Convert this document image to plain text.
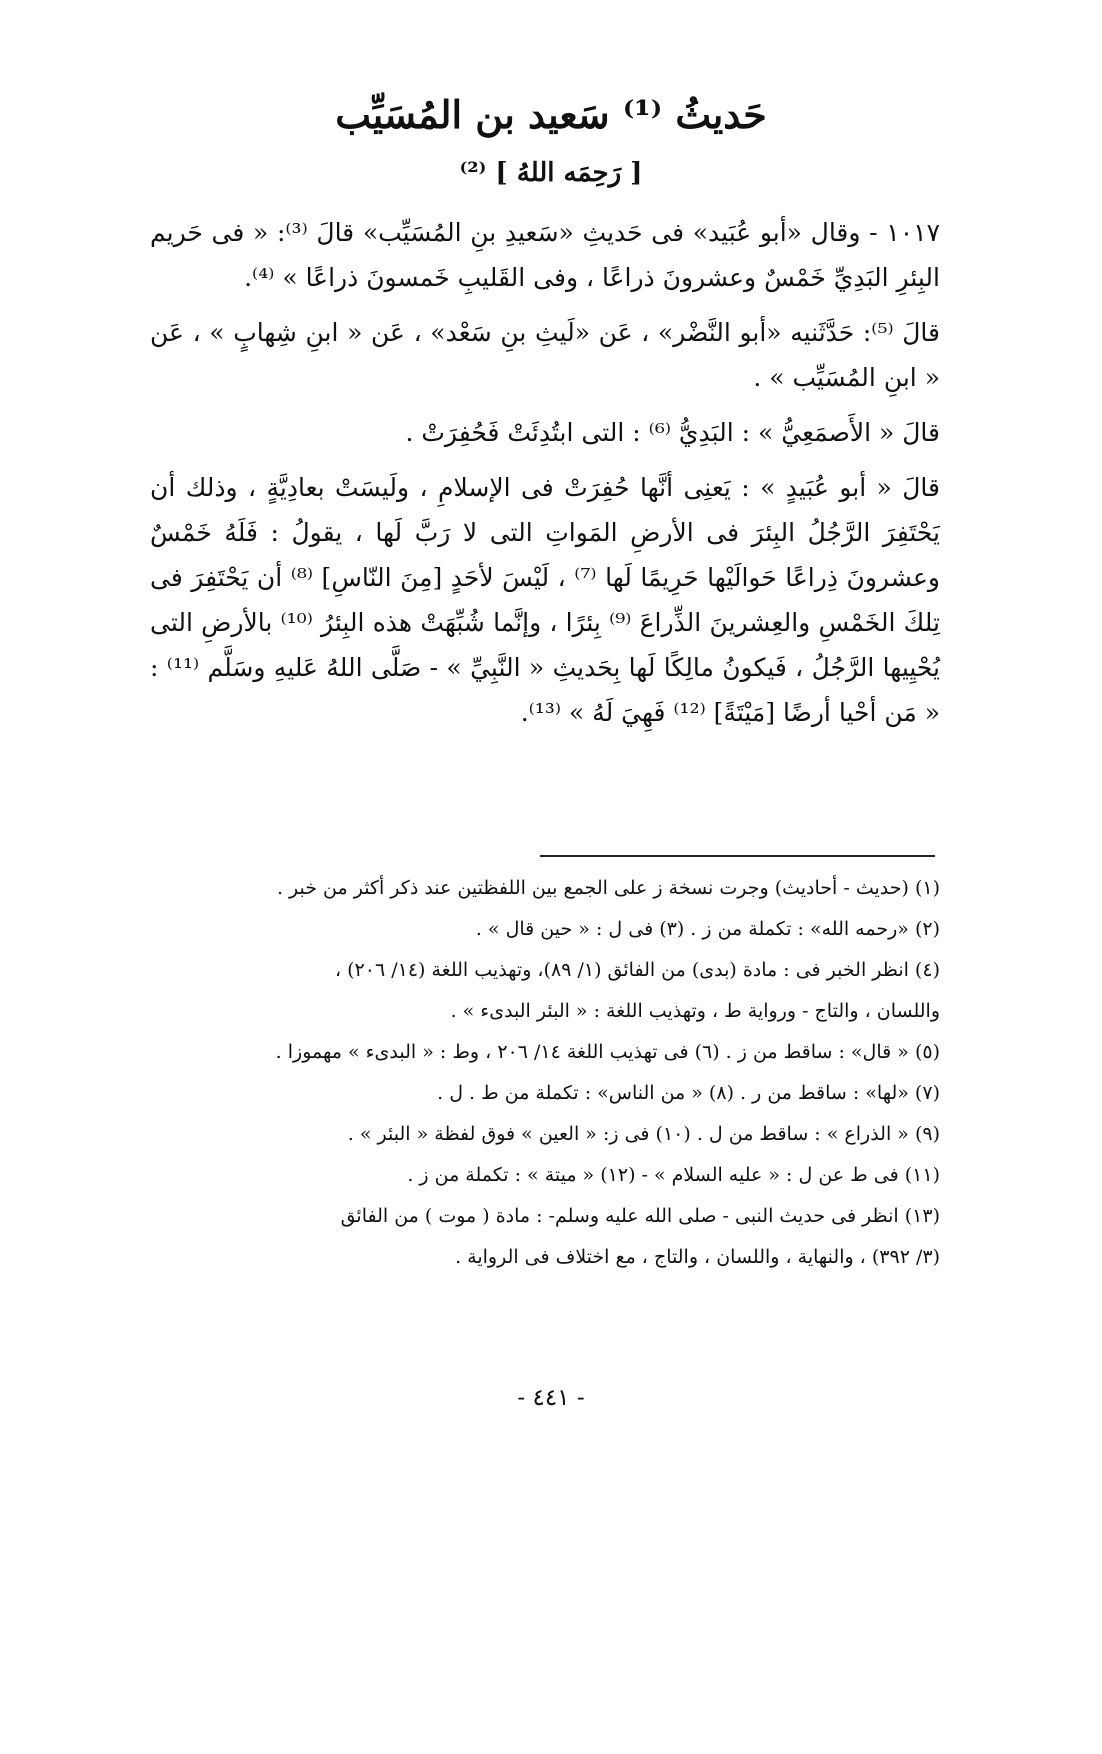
حَديثُ ⁽¹⁾ سَعيد بن المُسَيِّب
[ رَحِمَه اللهُ ] ⁽²⁾

١٠١٧ - وقال «أبو عُبَيد» فى حَديثِ «سَعيدِ بنِ المُسَيِّب» قالَ ⁽³⁾: « فى حَريم البِئرِ البَدِيِّ خَمْسٌ وعشرونَ ذراعًا ، وفى القَليبِ خَمسونَ ذراعًا » ⁽⁴⁾.

قالَ ⁽⁵⁾: حَدَّثَنيه «أبو النَّضْر» ، عَن «لَيثِ بنِ سَعْد» ، عَن « ابنِ شِهابٍ » ، عَن « ابنِ المُسَيِّب » .

قالَ « الأَصمَعِيُّ » : البَدِيُّ ⁽⁶⁾ : التى ابتُدِئَتْ فَحُفِرَتْ .

قالَ « أبو عُبَيدٍ » : يَعنِى أنَّها حُفِرَتْ فى الإسلامِ ، ولَيسَتْ بعادِيَّةٍ ، وذلك أن يَحْتَفِرَ الرَّجُلُ البِئرَ فى الأرضِ المَواتِ التى لا رَبَّ لَها ، يقولُ : فَلَهُ خَمْسٌ وعشرونَ ذِراعًا حَوالَيْها حَرِيمًا لَها ⁽⁷⁾ ، لَيْسَ لأحَدٍ [مِنَ النّاسِ] ⁽⁸⁾ أن يَحْتَفِرَ فى تِلكَ الخَمْسِ والعِشرينَ الذِّراعَ ⁽⁹⁾ بِئرًا ، وإنَّما شُبِّهَتْ هذه البِئرُ ⁽¹⁰⁾ بالأرضِ التى يُحْيِيها الرَّجُلُ ، فَيكونُ مالِكًا لَها بِحَديثِ « النَّبِيِّ » - صَلَّى اللهُ عَليهِ وسَلَّم ⁽¹¹⁾ : « مَن أحْيا أرضًا [مَيْتَةً] ⁽¹²⁾ فَهِيَ لَهُ » ⁽¹³⁾.

(١) (حديث - أحاديث) وجرت نسخة ز على الجمع بين اللفظتين عند ذكر أكثر من خبر .

(٢) «رحمه الله» : تكملة من ز . (٣) فى ل : « حين قال » .

(٤) انظر الخبر فى : مادة (بدى) من الفائق (١/ ٨٩)، وتهذيب اللغة (١٤/ ٢٠٦) ،

واللسان ، والتاج - ورواية ط ، وتهذيب اللغة : « البئر البدىء » .

(٥) « قال» : ساقط من ز . (٦) فى تهذيب اللغة ١٤/ ٢٠٦ ، وط : « البدىء » مهموزا .

(٧) «لها» : ساقط من ر . (٨) « من الناس» : تكملة من ط . ل .

(٩) « الذراع » : ساقط من ل . (١٠) فى ز: « العين » فوق لفظة « البئر » .

(١١) فى ط عن ل : « عليه السلام » - (١٢) « ميتة » : تكملة من ز .

(١٣) انظر فى حديث النبى - صلى الله عليه وسلم- : مادة ( موت ) من الفائق

(٣/ ٣٩٢) ، والنهاية ، واللسان ، والتاج ، مع اختلاف فى الرواية .

- ٤٤١ -
